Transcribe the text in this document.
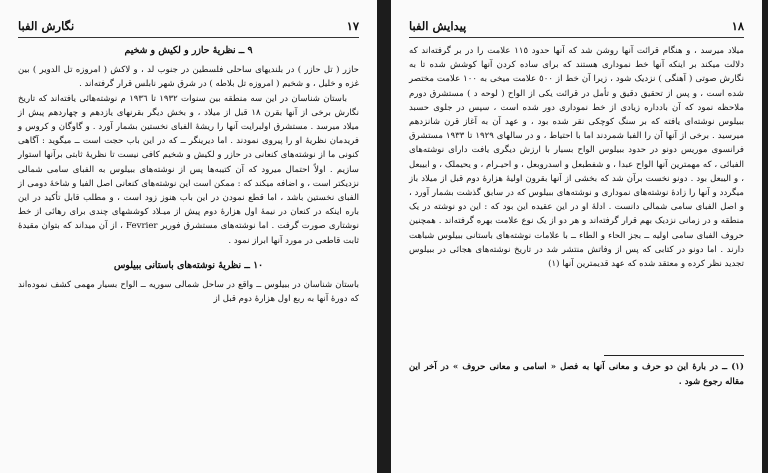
١٧
نگارش الفبا
٩ ــ نظریهٔ حازر و لکیش و شخیم

حازر ( تل حازر ) در بلندیهای ساحلی فلسطین در جنوب لد ، و لاکش ( امروزه تل الدویر ) بین غزه و خلیل ، و شخیم ( امروزه تل بلاطه ) در شرق شهر نابلس قرار گرفته‌اند .

باستان شناسان در این سه منطقه بین سنوات ١٩٣٢ تا ١٩٣٦ م نوشته‌هائی یافته‌اند که تاریخ نگارش برخی از آنها بقرن ١٨ قبل از میلاد ، و بخش دیگر بقرنهای یازدهم و چهاردهم پیش از میلاد میرسد . مستشرق اولبرایت آنها را ریشهٔ الفبای نخستین بشمار آورد . و گاوگان و کروس و فریدمان نظریهٔ او را پیروی نمودند . اما دیرینگر ــ که در این باب حجت است ــ میگوید : آگاهی کنونی ما از نوشته‌های کنعانی در حازر و لکیش و شخیم کافی نیست تا نظریهٔ ثابتی برآنها استوار سازیم . اولاً احتمال میرود که آن کتیبه‌ها پس از نوشته‌های ببیلوس به الفبای سامی شمالی نزدیکتر است ، و اضافه میکند که : ممکن است این نوشته‌های کنعانی اصل الفبا و شاخهٔ دومی از الفبای نخستین باشد ، اما قطع نمودن در این باب هنوز زود است ، و مطلب قابل تأکید در این باره اینکه در کنعان در نیمهٔ اول هزارهٔ دوم پیش از میـلاد کوششهای چندی برای رهائی از خط نوشتاری صورت گرفت . اما نوشته‌های مستشرق فوریر Fevrier ، از آن میداند که بتوان مقیدهٔ ثابت قاطعی در مورد آنها ابراز نمود .

١٠ ــ نظریهٔ نوشته‌های باستانی ببیلوس

باستان شناسان در ببیلوس ــ واقع در ساحل شمالی سوریه ــ الواح بسیار مهمی کشف نموده‌اند که دورهٔ آنها به ربع اول هزارهٔ دوم قبل از

١٨
پیدایش الفبا

میلاد میرسد ، و هنگام قرائت آنها روشن شد که آنها حدود ١١٥ علامت را در بر گرفته‌اند که دلالت میکند بر اینکه آنها خط نموداری هستند که برای ساده کردن آنها کوشش شده تا به نگارش صوتی ( آهنگی ) نزدیک شود ، زیرا آن خط از ٥٠٠ علامت میخی به ١٠٠ علامت مختصر شده است ، و پس از تحقیق دقیق و تأمل در قرائت یکی از الواح ( لوحه د ) مستشرق دورم ملاحظه نمود که آن بادداره زیادی از خط نموداری دور شده است ، سپس در جلوی حسبد ببیلوس نوشته‌ای یافته که بر سنگ کوچکی نقر شده بود ، و عهد آن به آغاز قرن شانزدهم میرسید . برخی از آنها آن را الفبا شمردند اما با احتیاط ، و در سالهای ١٩٢٩ تا ١٩٣٣ مستشرق فرانسوی موریس دونو در حدود ببیلوس الواح بسیار با ارزش دیگری یافت دارای نوشته‌های الفبائی ، که مهمترین آنها الواح عبدا ، و شفطبعل و اسدروبعل ، و احیـرام ، و یحیملک ، و ابیبعل ، و الیبعل بود . دونو نخست برآن شد که بخشی از آنها بقرون اولیهٔ هزارهٔ دوم قبل از میلاد باز میگردد و آنها را زادهٔ نوشته‌های نموداری و نوشته‌های ببیلوس که در سابق گذشت بشمار آورد ، و اصل الفبای سامی شمالی دانست . ادلهٔ او در این عقیده این بود که : این دو نوشته در یک منطقه و در زمانی نزدیک بهم قرار گرفته‌اند و هر دو از یک نوع علامت بهره گرفته‌اند . همچنین حروف الفبای سامی اولیه ــ بجز الحاء و الطاء ــ با علامات نوشته‌های باستانی ببیلوس شباهت دارند . اما دونو در کتابی که پس از وفاتش منتشر شد در تاریخ نوشته‌های هجائی در ببیلوس تجدید نظر کرده و معتقد شده که عهد قدیمترین آنها (١)

(١) ــ در بارهٔ این دو حرف و معانی آنها به فصل « اسامی و معانی حروف » در آخر این مقاله رجوع شود .
